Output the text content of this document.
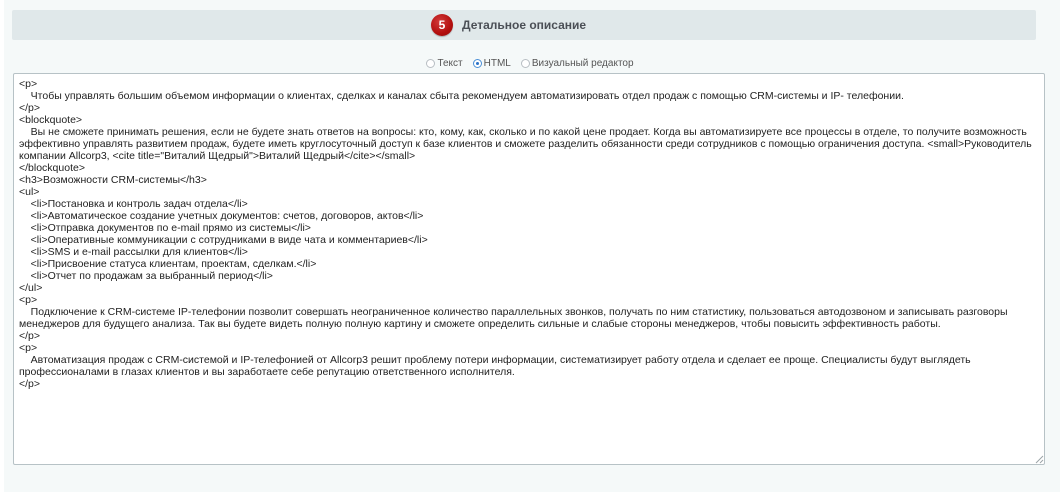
5	Детальное описание
Текст HTML Визуальный редактор
<p>
	Чтобы управлять большим объемом информации о клиентах, сделках и каналах сбыта рекомендуем автоматизировать отдел продаж с помощью CRM-системы и IP- телефонии.
</p>
<blockquote>
	Вы не сможете принимать решения, если не будете знать ответов на вопросы: кто, кому, как, сколько и по какой цене продает. Когда вы автоматизируете все процессы в отделе, то получите возможность эффективно управлять развитием продаж, будете иметь круглосуточный доступ к базе клиентов и сможете разделить обязанности среди сотрудников с помощью ограничения доступа. <small>Руководитель компании Allcorp3, <cite title="Виталий Щедрый">Виталий Щедрый</cite></small>
</blockquote>
<h3>Возможности CRM-системы</h3>
<ul>
	<li>Постановка и контроль задач отдела</li>
	<li>Автоматическое создание учетных документов: счетов, договоров, актов</li>
	<li>Отправка документов по e-mail прямо из системы</li>
	<li>Оперативные коммуникации с сотрудниками в виде чата и комментариев</li>
	<li>SMS и e-mail рассылки для клиентов</li>
	<li>Присвоение статуса клиентам, проектам, сделкам.</li>
	<li>Отчет по продажам за выбранный период</li>
</ul>
<p>
	Подключение к CRM-системе IP-телефонии позволит совершать неограниченное количество параллельных звонков, получать по ним статистику, пользоваться автодозвоном и записывать разговоры менеджеров для будущего анализа. Так вы будете видеть полную полную картину и сможете определить сильные и слабые стороны менеджеров, чтобы повысить эффективность работы.
</p>
<p>
	Автоматизация продаж с CRM-системой и IP-телефонией от Allcorp3 решит проблему потери информации, систематизирует работу отдела и сделает ее проще. Специалисты будут выглядеть профессионалами в глазах клиентов и вы заработаете себе репутацию ответственного исполнителя.
</p>
